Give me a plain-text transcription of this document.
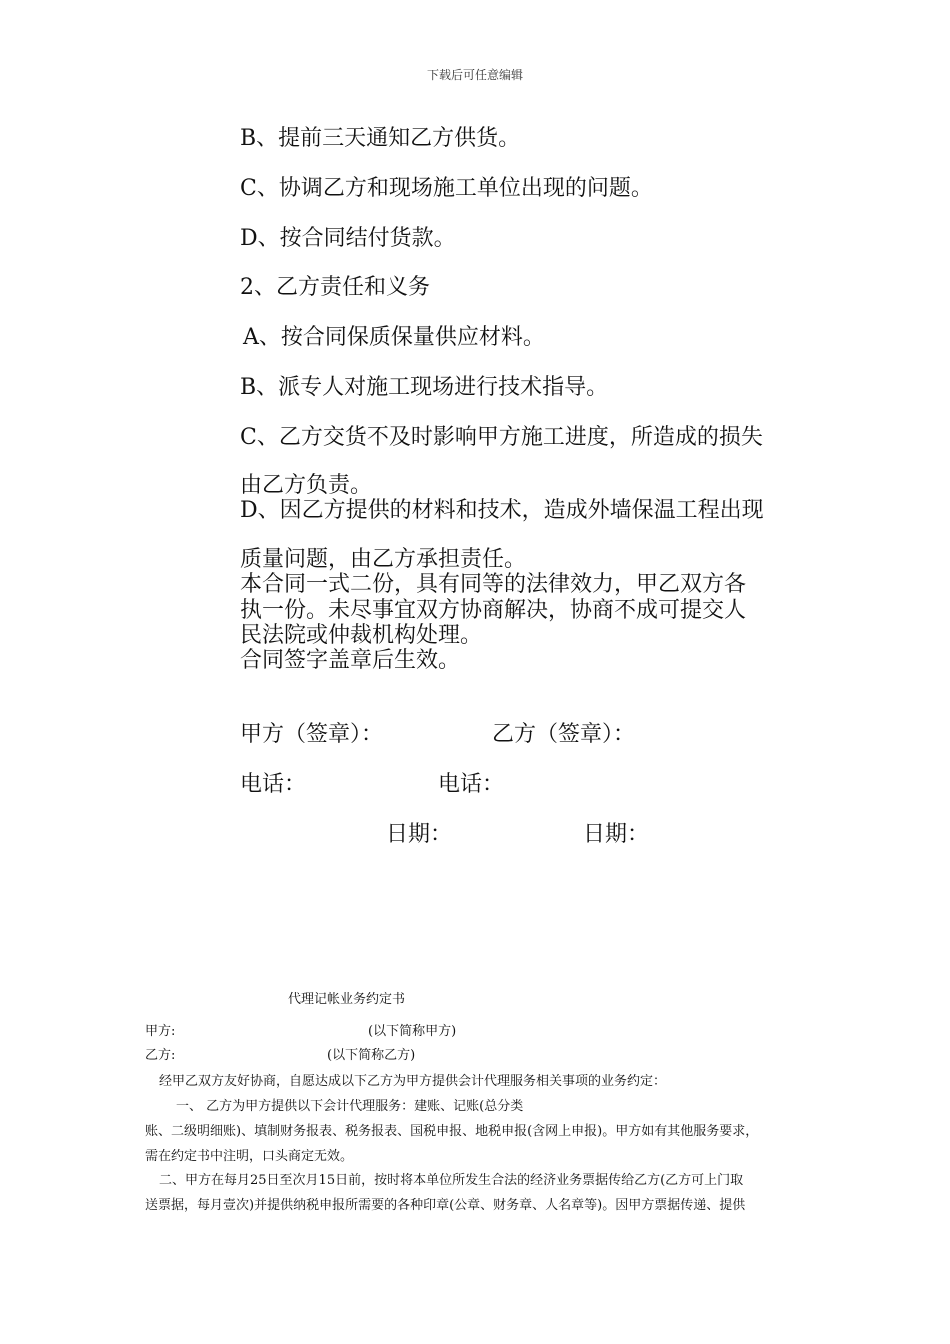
下载后可任意编辑
B、提前三天通知乙方供货。
C、协调乙方和现场施工单位出现的问题。
D、按合同结付货款。
2、乙方责任和义务
A、按合同保质保量供应材料。
B、派专人对施工现场进行技术指导。
C、乙方交货不及时影响甲方施工进度，所造成的损失
由乙方负责。
D、因乙方提供的材料和技术，造成外墙保温工程出现
质量问题，由乙方承担责任。
本合同一式二份，具有同等的法律效力，甲乙双方各
执一份。未尽事宜双方协商解决，协商不成可提交人
民法院或仲裁机构处理。
合同签字盖章后生效。
甲方（签章）：	乙方（签章）：
电话：	电话：
日期：	日期：
代理记帐业务约定书
甲方:	(以下简称甲方)
乙方:	(以下简称乙方)
经甲乙双方友好协商，自愿达成以下乙方为甲方提供会计代理服务相关事项的业务约定：
一、 乙方为甲方提供以下会计代理服务：建账、记账(总分类
账、二级明细账)、填制财务报表、税务报表、国税申报、地税申报(含网上申报)。甲方如有其他服务要求，
需在约定书中注明，口头商定无效。
二、甲方在每月25日至次月15日前，按时将本单位所发生合法的经济业务票据传给乙方(乙方可上门取
送票据，每月壹次)并提供纳税申报所需要的各种印章(公章、财务章、人名章等)。因甲方票据传递、提供
